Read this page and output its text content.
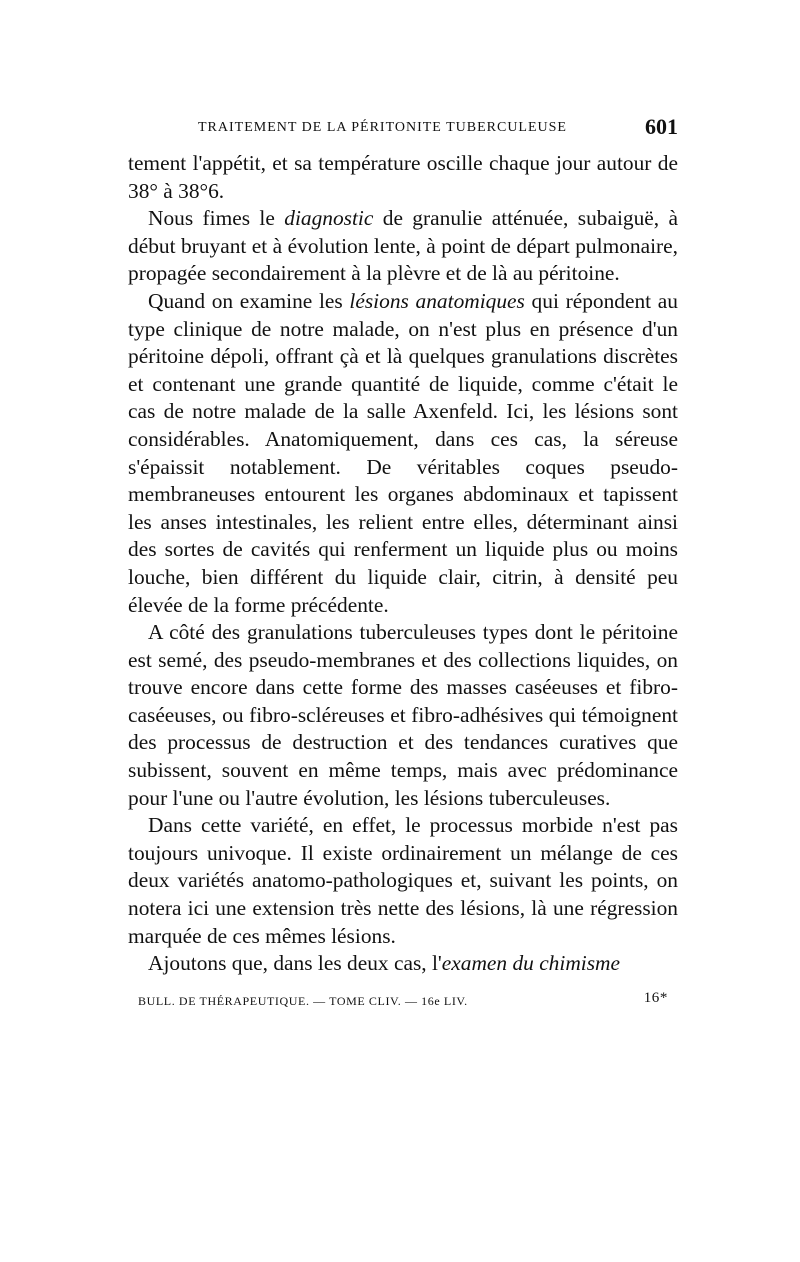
TRAITEMENT DE LA PÉRITONITE TUBERCULEUSE	601

tement l'appétit, et sa température oscille chaque jour autour de 38° à 38°6.

Nous fimes le diagnostic de granulie atténuée, subaiguë, à début bruyant et à évolution lente, à point de départ pulmonaire, propagée secondairement à la plèvre et de là au péritoine.

Quand on examine les lésions anatomiques qui répondent au type clinique de notre malade, on n'est plus en présence d'un péritoine dépoli, offrant çà et là quelques granulations discrètes et contenant une grande quantité de liquide, comme c'était le cas de notre malade de la salle Axenfeld. Ici, les lésions sont considérables. Anatomiquement, dans ces cas, la séreuse s'épaissit notablement. De véritables coques pseudo-membraneuses entourent les organes abdominaux et tapissent les anses intestinales, les relient entre elles, déterminant ainsi des sortes de cavités qui renferment un liquide plus ou moins louche, bien différent du liquide clair, citrin, à densité peu élevée de la forme précédente.

A côté des granulations tuberculeuses types dont le péritoine est semé, des pseudo-membranes et des collections liquides, on trouve encore dans cette forme des masses caséeuses et fibro-caséeuses, ou fibro-scléreuses et fibro-adhésives qui témoignent des processus de destruction et des tendances curatives que subissent, souvent en même temps, mais avec prédominance pour l'une ou l'autre évolution, les lésions tuberculeuses.

Dans cette variété, en effet, le processus morbide n'est pas toujours univoque. Il existe ordinairement un mélange de ces deux variétés anatomo-pathologiques et, suivant les points, on notera ici une extension très nette des lésions, là une régression marquée de ces mêmes lésions.

Ajoutons que, dans les deux cas, l'examen du chimisme

BULL. DE THÉRAPEUTIQUE. — TOME CLIV. — 16e LIV.	16*
